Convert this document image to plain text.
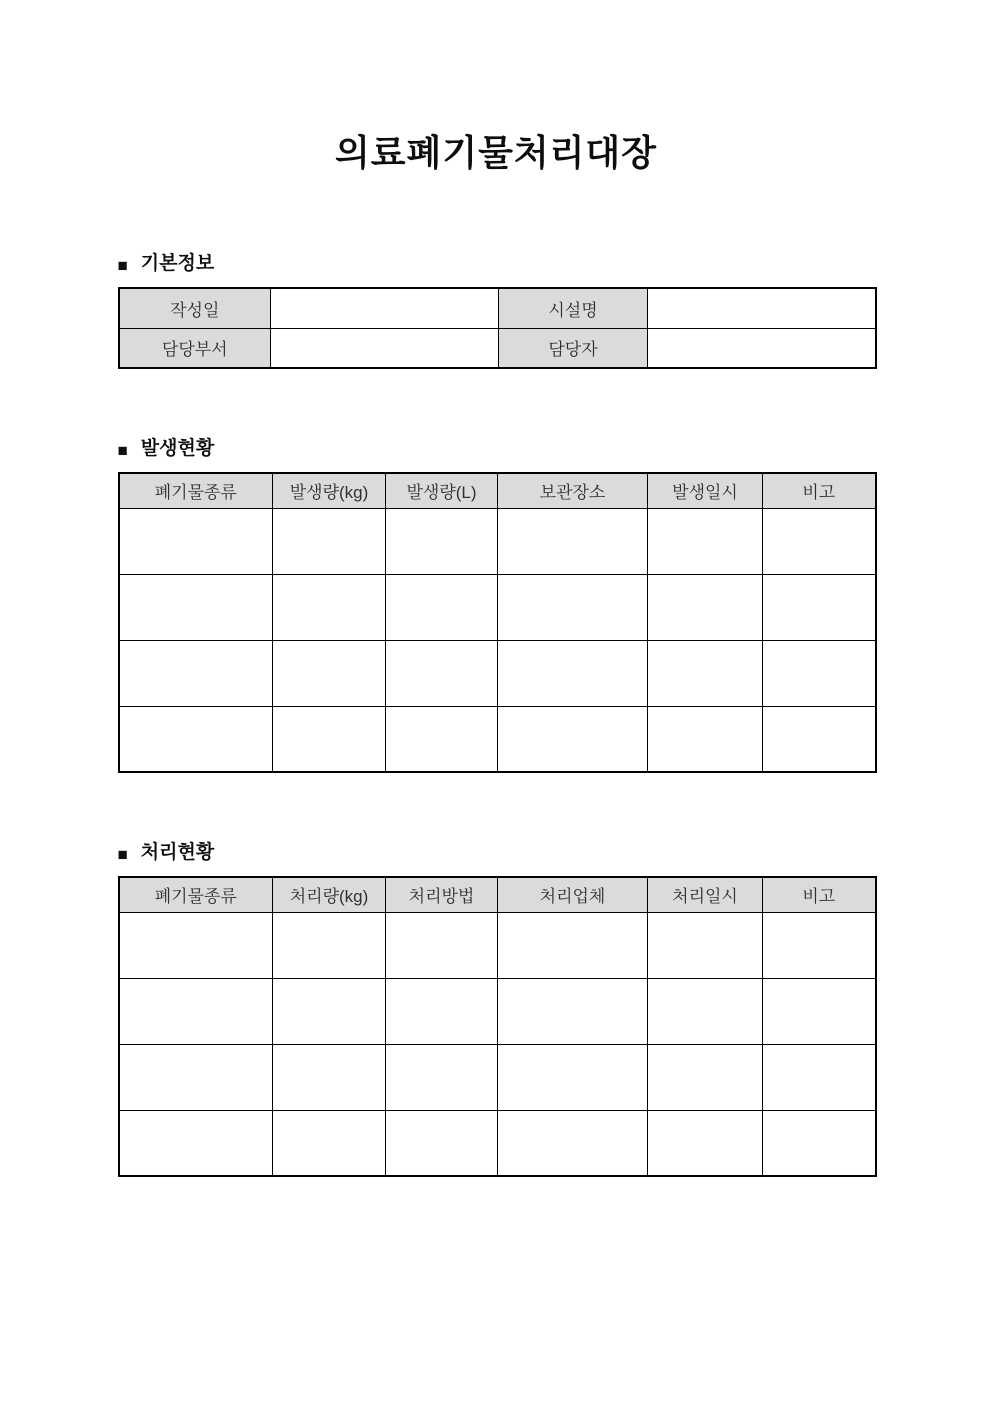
의료폐기물처리대장
■ 기본정보
작성일		시설명	
담당부서		담당자	
■ 발생현황
폐기물종류	발생량(kg)	발생량(L)	보관장소	발생일시	비고

■ 처리현황
폐기물종류	처리량(kg)	처리방법	처리업체	처리일시	비고
